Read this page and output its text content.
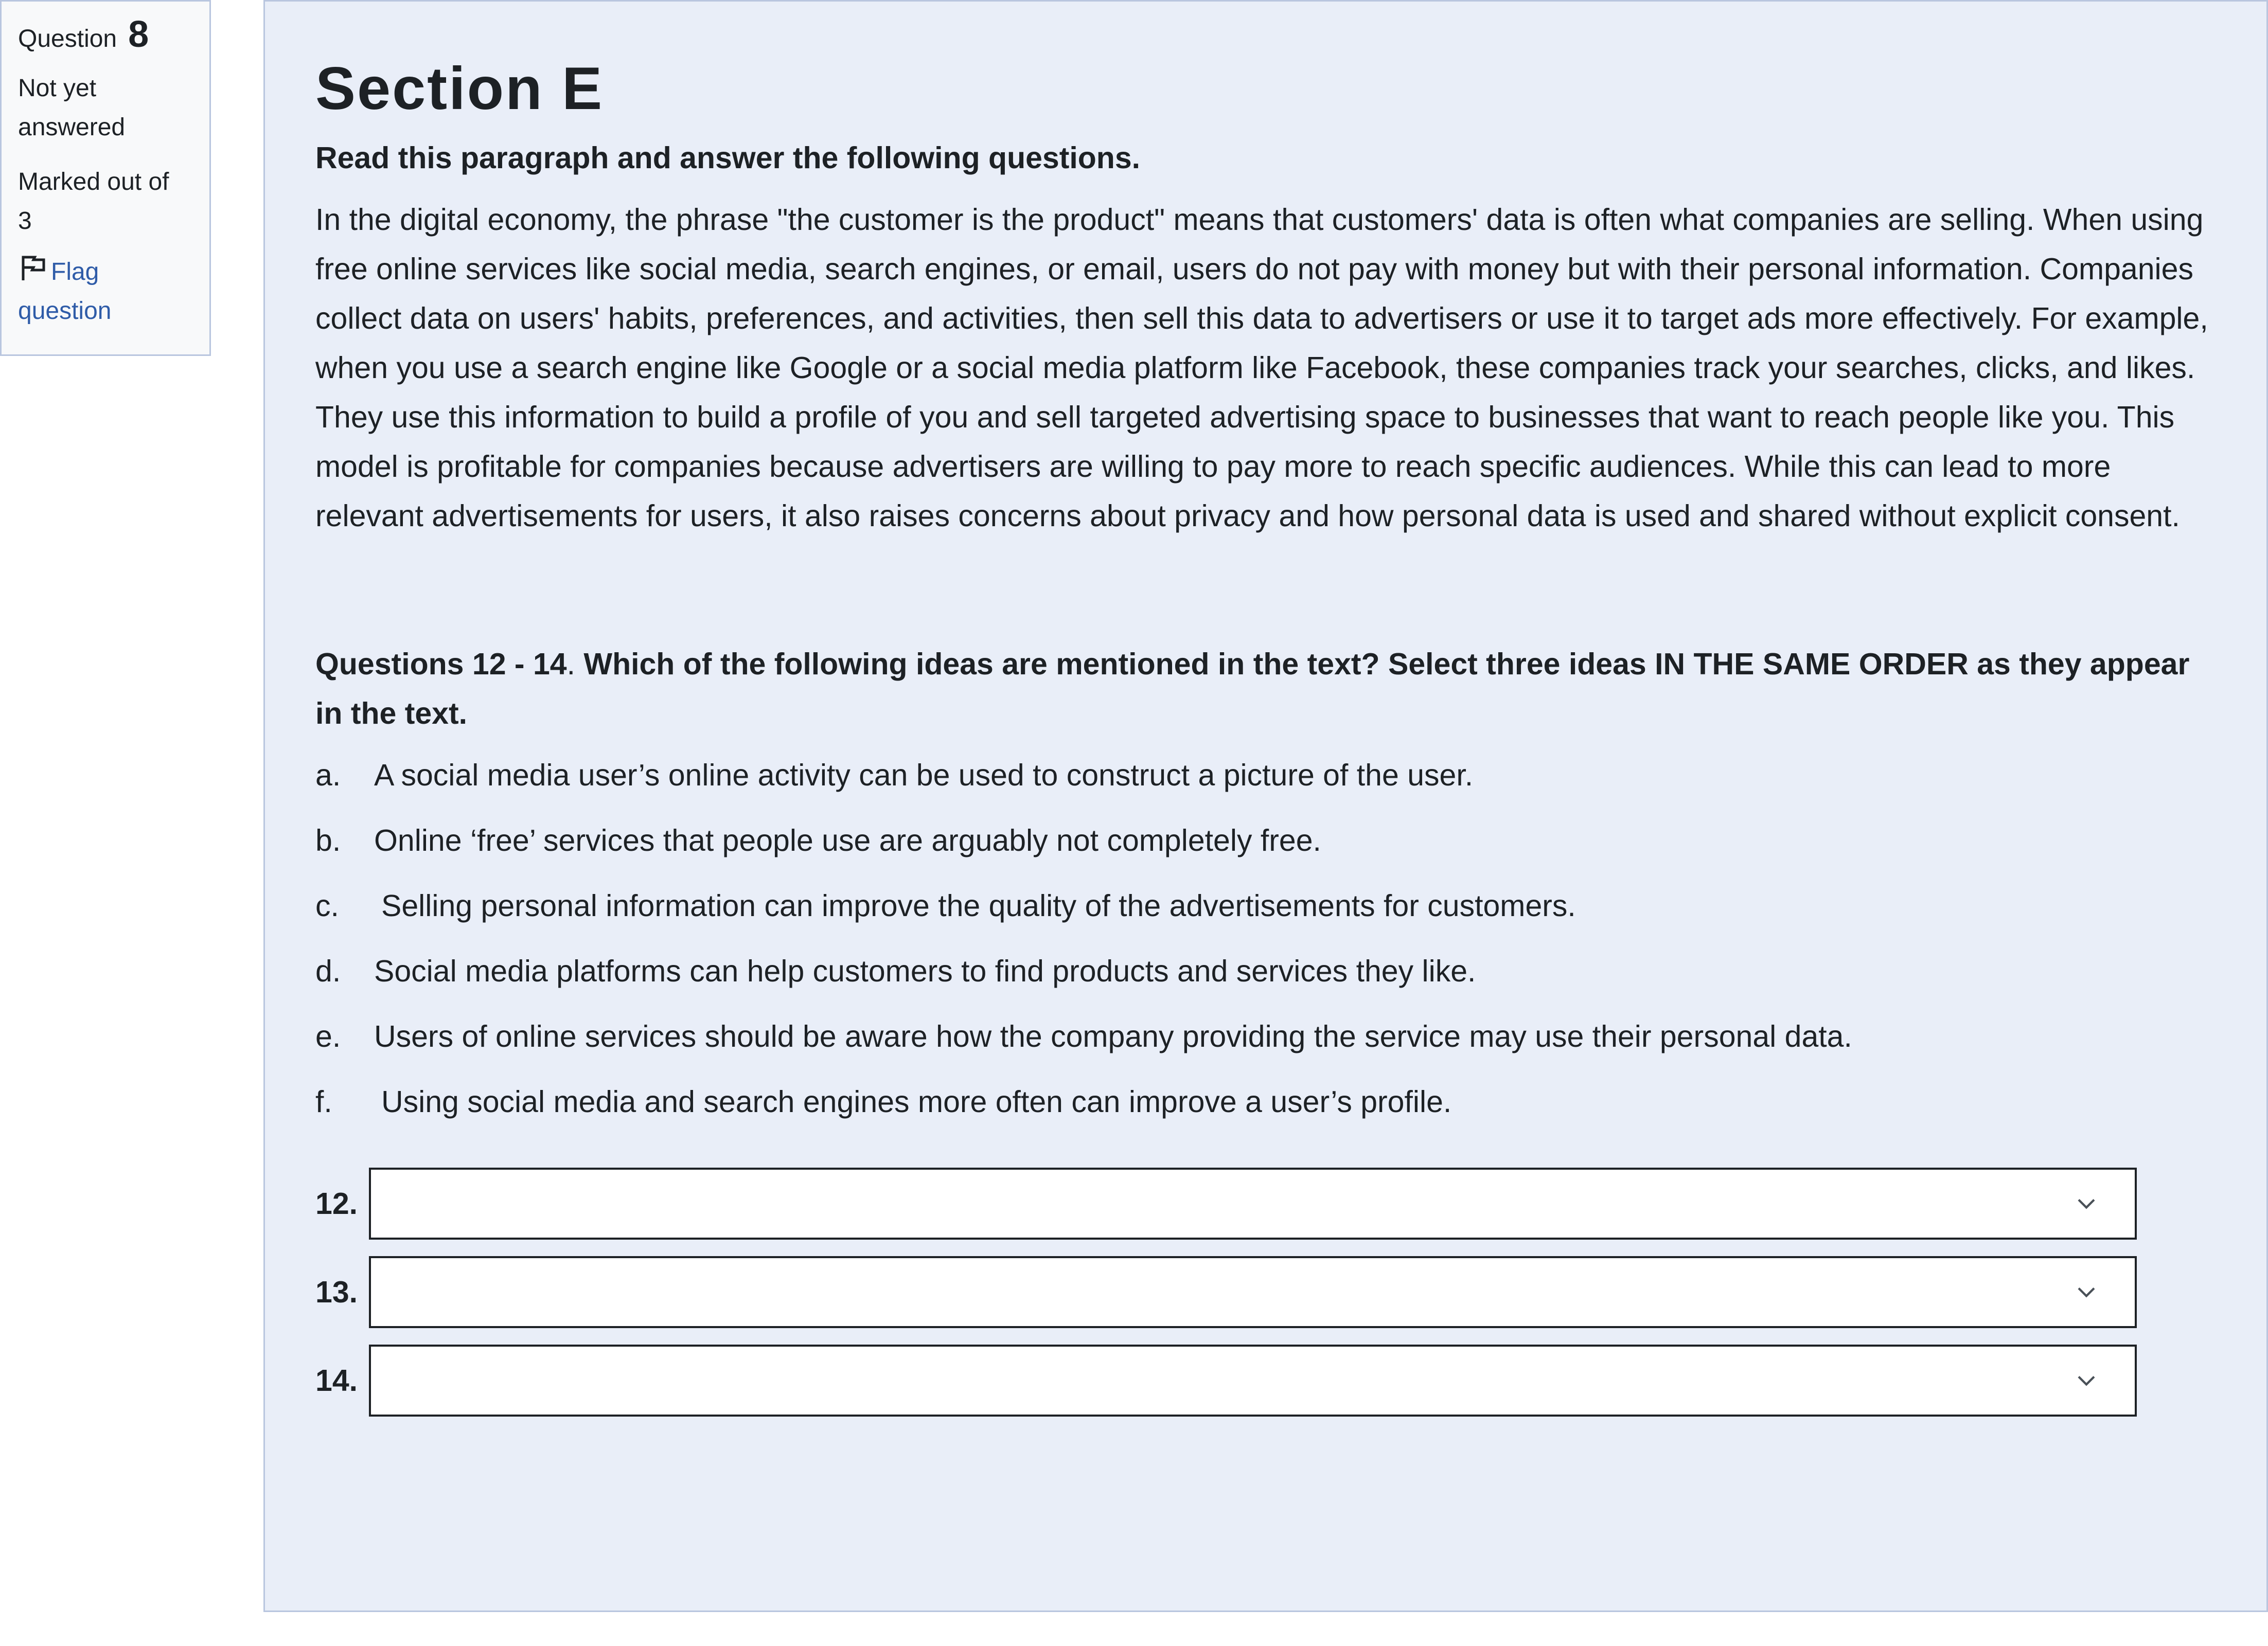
Question 8
Not yet
answered
Marked out of
3
Flag
question
Section E
Read this paragraph and answer the following questions.
In the digital economy, the phrase "the customer is the product" means that customers' data is often what companies are selling. When using free online services like social media, search engines, or email, users do not pay with money but with their personal information. Companies collect data on users' habits, preferences, and activities, then sell this data to advertisers or use it to target ads more effectively. For example, when you use a search engine like Google or a social media platform like Facebook, these companies track your searches, clicks, and likes. They use this information to build a profile of you and sell targeted advertising space to businesses that want to reach people like you. This model is profitable for companies because advertisers are willing to pay more to reach specific audiences. While this can lead to more relevant advertisements for users, it also raises concerns about privacy and how personal data is used and shared without explicit consent.
Questions 12 - 14. Which of the following ideas are mentioned in the text? Select three ideas IN THE SAME ORDER as they appear in the text.
a.	A social media user’s online activity can be used to construct a picture of the user.
b.	Online ‘free’ services that people use are arguably not completely free.
c.	Selling personal information can improve the quality of the advertisements for customers.
d.	Social media platforms can help customers to find products and services they like.
e.	Users of online services should be aware how the company providing the service may use their personal data.
f.	Using social media and search engines more often can improve a user’s profile.
12.
13.
14.
